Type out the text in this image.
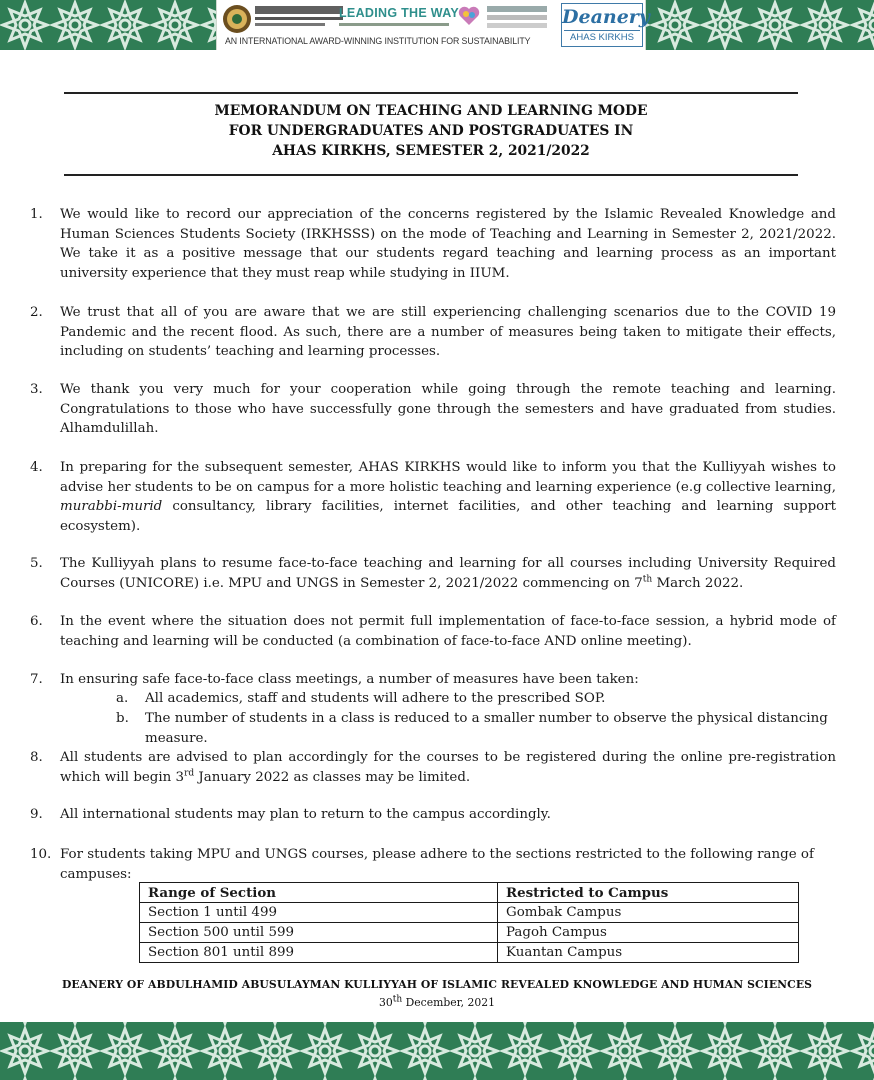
LEADING THE WAY	Deanery
AHAS KIRKHS
AN INTERNATIONAL AWARD-WINNING INSTITUTION FOR SUSTAINABILITY
MEMORANDUM ON TEACHING AND LEARNING MODE
FOR UNDERGRADUATES AND POSTGRADUATES IN
AHAS KIRKHS, SEMESTER 2, 2021/2022
1.	We would like to record our appreciation of the concerns registered by the Islamic Revealed Knowledge and Human Sciences Students Society (IRKHSSS) on the mode of Teaching and Learning in Semester 2, 2021/2022. We take it as a positive message that our students regard teaching and learning process as an important university experience that they must reap while studying in IIUM.
2.	We trust that all of you are aware that we are still experiencing challenging scenarios due to the COVID 19 Pandemic and the recent flood. As such, there are a number of measures being taken to mitigate their effects, including on students’ teaching and learning processes.
3.	We thank you very much for your cooperation while going through the remote teaching and learning. Congratulations to those who have successfully gone through the semesters and have graduated from studies. Alhamdulillah.
4.	In preparing for the subsequent semester, AHAS KIRKHS would like to inform you that the Kulliyyah wishes to advise her students to be on campus for a more holistic teaching and learning experience (e.g collective learning, murabbi-murid consultancy, library facilities, internet facilities, and other teaching and learning support ecosystem).
5.	The Kulliyyah plans to resume face-to-face teaching and learning for all courses including University Required Courses (UNICORE) i.e. MPU and UNGS in Semester 2, 2021/2022 commencing on 7th March 2022.
6.	In the event where the situation does not permit full implementation of face-to-face session, a hybrid mode of teaching and learning will be conducted (a combination of face-to-face AND online meeting).
7.	In ensuring safe face-to-face class meetings, a number of measures have been taken:
a.	All academics, staff and students will adhere to the prescribed SOP.
b.	The number of students in a class is reduced to a smaller number to observe the physical distancing measure.
8.	All students are advised to plan accordingly for the courses to be registered during the online pre-registration which will begin 3rd January 2022 as classes may be limited.
9.	All international students may plan to return to the campus accordingly.
10. For students taking MPU and UNGS courses, please adhere to the sections restricted to the following range of campuses:
Range of Section	Restricted to Campus
Section 1 until 499	Gombak Campus
Section 500 until 599	Pagoh Campus
Section 801 until 899	Kuantan Campus
DEANERY OF ABDULHAMID ABUSULAYMAN KULLIYYAH OF ISLAMIC REVEALED KNOWLEDGE AND HUMAN SCIENCES
30th December, 2021
